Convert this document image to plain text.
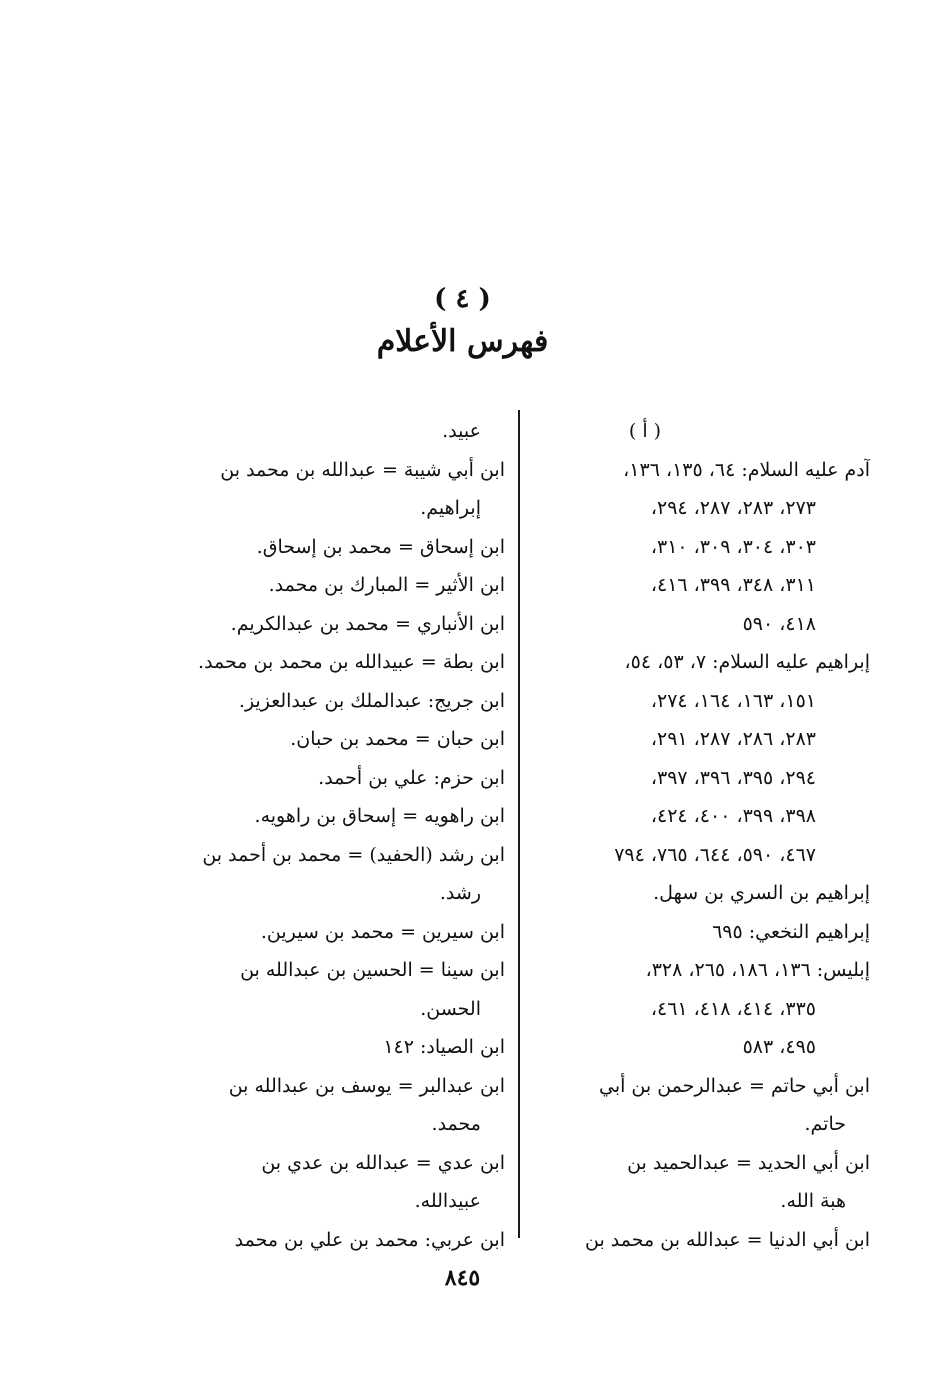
( ٤ )
فهرس الأعلام
( أ )
آدم عليه السلام: ٦٤، ١٣٥، ١٣٦،
٢٧٣، ٢٨٣، ٢٨٧، ٢٩٤،
٣٠٣، ٣٠٤، ٣٠٩، ٣١٠،
٣١١، ٣٤٨، ٣٩٩، ٤١٦،
٤١٨، ٥٩٠
إبراهيم عليه السلام: ٧، ٥٣، ٥٤،
١٥١، ١٦٣، ١٦٤، ٢٧٤،
٢٨٣، ٢٨٦، ٢٨٧، ٢٩١،
٢٩٤، ٣٩٥، ٣٩٦، ٣٩٧،
٣٩٨، ٣٩٩، ٤٠٠، ٤٢٤،
٤٦٧، ٥٩٠، ٦٤٤، ٧٦٥، ٧٩٤
إبراهيم بن السري بن سهل.
إبراهيم النخعي: ٦٩٥
إبليس: ١٣٦، ١٨٦، ٢٦٥، ٣٢٨،
٣٣٥، ٤١٤، ٤١٨، ٤٦١،
٤٩٥، ٥٨٣
ابن أبي حاتم = عبدالرحمن بن أبي
حاتم.
ابن أبي الحديد = عبدالحميد بن
هبة الله.
ابن أبي الدنيا = عبدالله بن محمد بن
عبيد.
ابن أبي شيبة = عبدالله بن محمد بن
إبراهيم.
ابن إسحاق = محمد بن إسحاق.
ابن الأثير = المبارك بن محمد.
ابن الأنباري = محمد بن عبدالكريم.
ابن بطة = عبيدالله بن محمد بن محمد.
ابن جريج: عبدالملك بن عبدالعزيز.
ابن حبان = محمد بن حبان.
ابن حزم: علي بن أحمد.
ابن راهويه = إسحاق بن راهويه.
ابن رشد (الحفيد) = محمد بن أحمد بن
رشد.
ابن سيرين = محمد بن سيرين.
ابن سينا = الحسين بن عبدالله بن
الحسن.
ابن الصياد: ١٤٢
ابن عبدالبر = يوسف بن عبدالله بن
محمد.
ابن عدي = عبدالله بن عدي بن
عبيدالله.
ابن عربي: محمد بن علي بن محمد
٨٤٥
